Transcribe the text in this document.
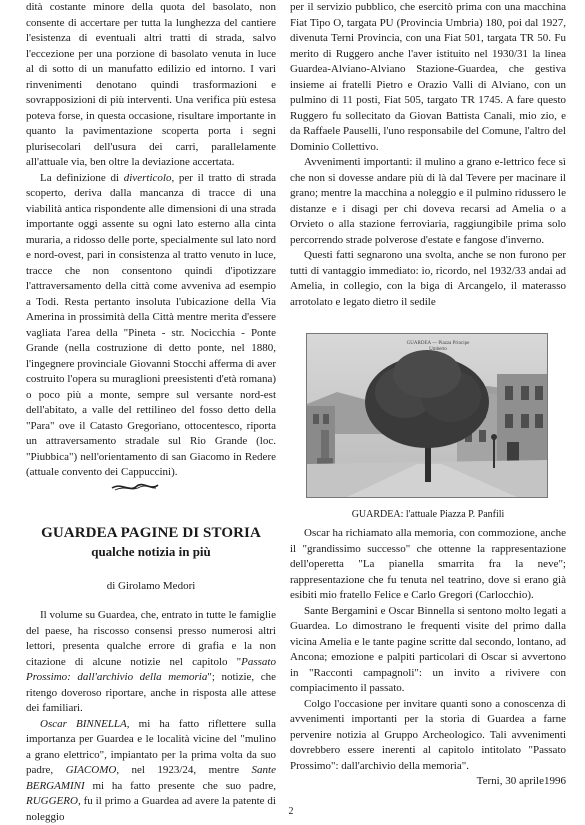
dità costante minore della quota del basolato, non consente di accertare per tutta la lunghezza del cantiere l'esistenza di eventuali altri tratti di strada, salvo l'eccezione per una porzione di basolato venuta in luce al di sotto di un manufatto edilizio ed intorno. I vari rinvenimenti denotano quindi trasformazioni e sovrapposizioni di più interventi. Una verifica più estesa poteva forse, in questa occasione, risultare importante in quanto la pavimentazione scoperta porta i segni plurisecolari dell'usura dei carri, parallelamente all'attuale via, ben oltre la deviazione accertata.

La definizione di diverticolo, per il tratto di strada scoperto, deriva dalla mancanza di tracce di una viabilità antica rispondente alle dimensioni di una strada importante oggi assente su ogni lato esterno alla cinta muraria, a ridosso delle porte, specialmente sul lato nord e nord-ovest, pari in consistenza al tratto venuto in luce, tracce che non consentono quindi d'ipotizzare l'attraversamento della città come avveniva ad esempio a Todi. Resta pertanto insoluta l'ubicazione della Via Amerina in prossimità della Città mentre merita d'essere vagliata l'area della "Pineta - str. Nocicchia - Ponte Grande (nella costruzione di detto ponte, nel 1880, l'ingegnere provinciale Giovanni Stocchi afferma di aver costruito l'opera su muraglioni preesistenti d'età romana) o poco più a monte, sempre sul versante nord-est dell'abitato, a valle del rettilineo del fosso detto della "Para" ove il Catasto Gregoriano, ottocentesco, riporta un attraversamento stradale sul Rio Grande (loc. "Piubbica") nell'orientamento di san Giacomo in Redere (attuale convento dei Cappuccini).

GUARDEA PAGINE DI STORIA
qualche notizia in più
di Girolamo Medori

Il volume su Guardea, che, entrato in tutte le famiglie del paese, ha riscosso consensi presso numerosi altri lettori, presenta qualche errore di grafia e la non citazione di alcune notizie nel capitolo "Passato Prossimo: dall'archivio della memoria"; notizie, che ritengo doveroso riportare, anche in risposta alle attese dei familiari.

Oscar BINNELLA, mi ha fatto riflettere sulla importanza per Guardea e le località vicine del "mulino a grano elettrico", impiantato per la prima volta da suo padre, GIACOMO, nel 1923/24, mentre Sante BERGAMINI mi ha fatto presente che suo padre, RUGGERO, fu il primo a Guardea ad avere la patente di noleggio

per il servizio pubblico, che esercitò prima con una macchina Fiat Tipo O, targata PU (Provincia Umbria) 180, poi dal 1927, divenuta Terni Provincia, con una Fiat 501, targata TR 50. Fu merito di Ruggero anche l'aver istituito nel 1930/31 la linea Guardea-Alviano-Alviano Stazione-Guardea, che gestiva insieme ai fratelli Pietro e Orazio Valli di Alviano, con un pulmino di 11 posti, Fiat 505, targato TR 1745. A fare questo Ruggero fu sollecitato da Giovan Battista Canali, mio zio, e da Raffaele Pauselli, l'uno responsabile del Comune, l'altro del Dominio Collettivo.

Avvenimenti importanti: il mulino a grano e-lettrico fece sì che non si dovesse andare più di là dal Tevere per macinare il grano; mentre la macchina a noleggio e il pulmino ridussero le distanze e i disagi per chi doveva recarsi ad Amelia o a Orvieto o alla stazione ferroviaria, raggiungibile prima solo percorrendo strade polverose d'estate e fangose d'inverno.

Questi fatti segnarono una svolta, anche se non furono per tutti di vantaggio immediato: io, ricordo, nel 1932/33 andai ad Amelia, in collegio, con la biga di Arcangelo, il materasso arrotolato e legato dietro il sedile

GUARDEA — Piazza Principe Umberto
GUARDEA: l'attuale Piazza P. Panfili

Oscar ha richiamato alla memoria, con commozione, anche il "grandissimo successo" che ottenne la rappresentazione dell'operetta "La pianella smarrita fra la neve"; rappresentazione che fu tenuta nel teatrino, dove si erano già esibiti mio fratello Felice e Carlo Gregori (Carlocchio).

Sante Bergamini e Oscar Binnella si sentono molto legati a Guardea. Lo dimostrano le frequenti visite del primo dalla vicina Amelia e le tante pagine scritte dal secondo, lontano, ad Ancona; emozione e palpiti particolari di Oscar si avvertono in "Racconti campagnoli": un invito a rivivere con compiacimento il passato.

Colgo l'occasione per invitare quanti sono a conoscenza di avvenimenti importanti per la storia di Guardea a farne pervenire notizia al Gruppo Archeologico. Tali avvenimenti dovrebbero essere inerenti al capitolo intitolato "Passato Prossimo": dall'archivio della memoria".

Terni, 30 aprile1996

2
